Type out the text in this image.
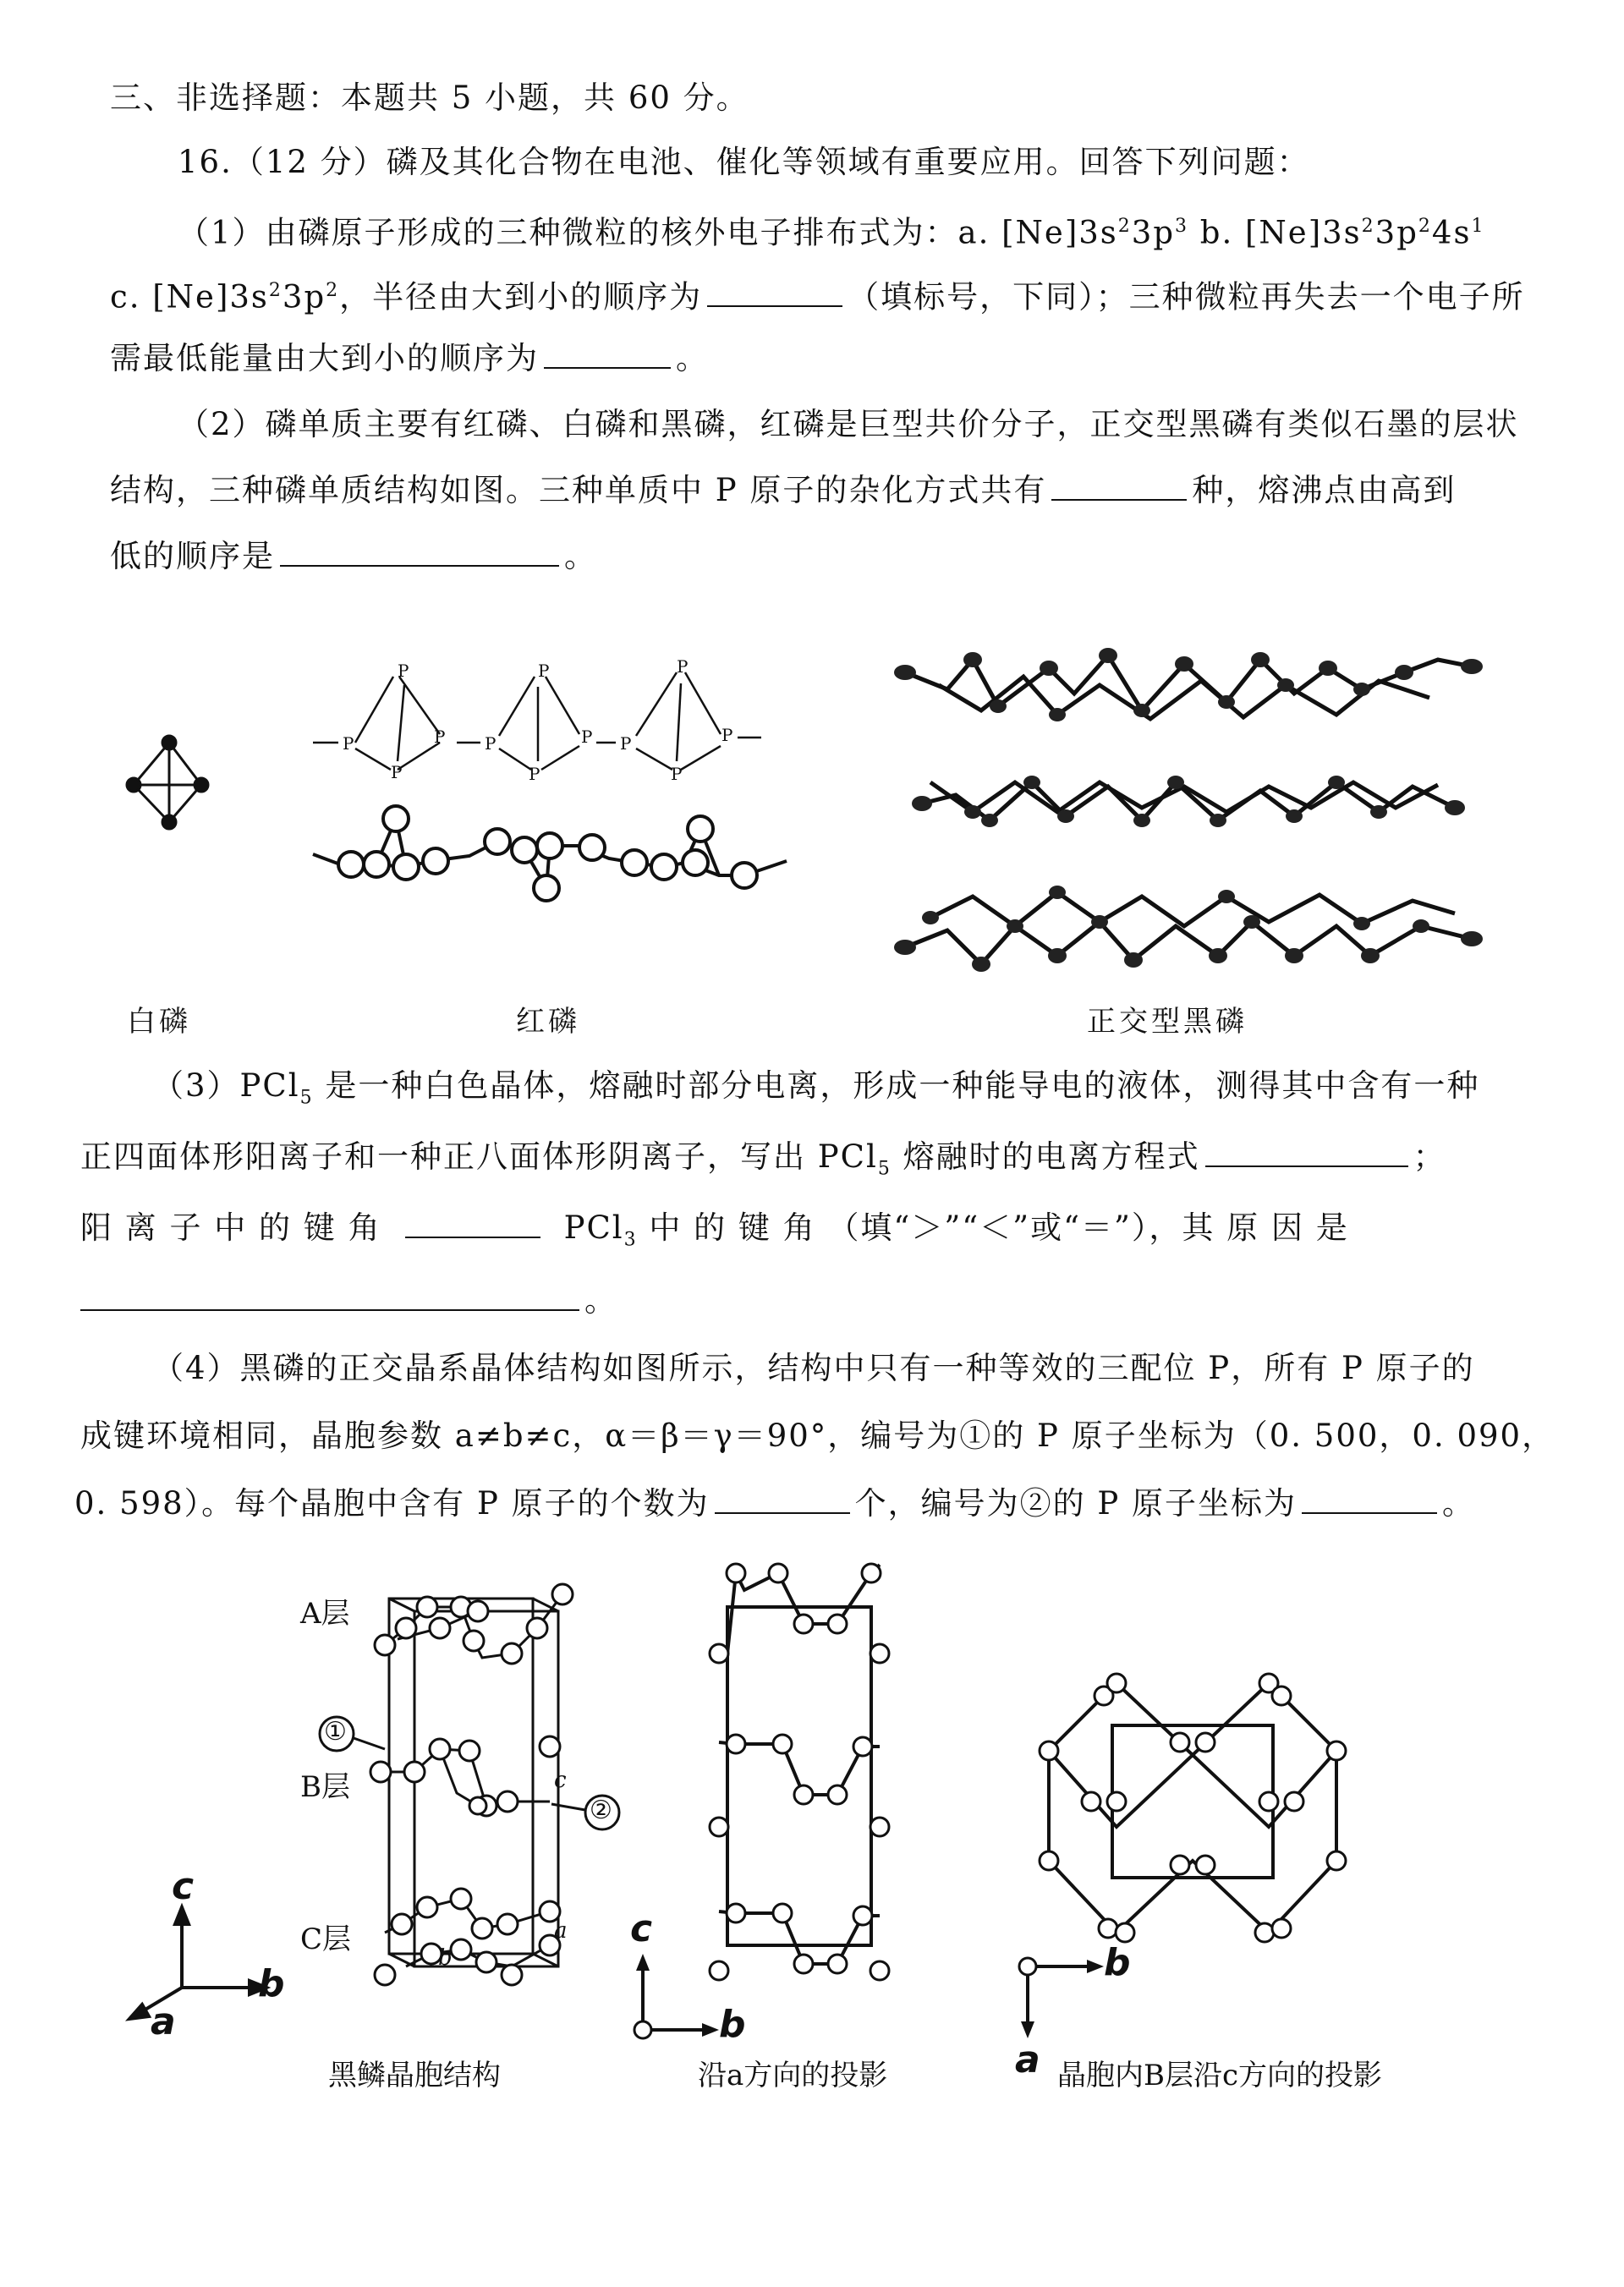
三、非选择题：本题共 5 小题，共 60 分。
16.（12 分）磷及其化合物在电池、催化等领域有重要应用。回答下列问题：
（1）由磷原子形成的三种微粒的核外电子排布式为：a. $[Ne]3s^23p^3$ b. $[Ne]3s^23p^24s^1$
c. $[Ne]3s^23p^2$，半径由大到小的顺序为	（填标号，下同）；三种微粒再失去一个电子所
需最低能量由大到小的顺序为	。
（2）磷单质主要有红磷、白磷和黑磷，红磷是巨型共价分子，正交型黑磷有类似石墨的层状
结构，三种磷单质结构如图。三种单质中 P 原子的杂化方式共有	种，熔沸点由高到
低的顺序是	。
P
P	P
P
P
P
P
P
P
P
P
P
白磷	红磷	正交型黑磷
（3）PCl$_5$ 是一种白色晶体，熔融时部分电离，形成一种能导电的液体，测得其中含有一种
正四面体形阳离子和一种正八面体形阴离子，写出 PCl$_5$ 熔融时的电离方程式	；
阳 离 子 中 的 键 角	PCl$_3$ 中 的 键 角 （填“＞”“＜”或“＝”），其 原 因 是
。
（4）黑磷的正交晶系晶体结构如图所示，结构中只有一种等效的三配位 P，所有 P 原子的
成键环境相同，晶胞参数 a≠b≠c，α＝β＝γ＝90°，编号为①的 P 原子坐标为（0. 500，0. 090，
0. 598）。每个晶胞中含有 P 原子的个数为	个，编号为②的 P 原子坐标为	。
A层
B层
C层
①
②
c
b
a
c
b
a
c
b
b
a
黑鳞晶胞结构	沿a方向的投影	晶胞内B层沿c方向的投影
